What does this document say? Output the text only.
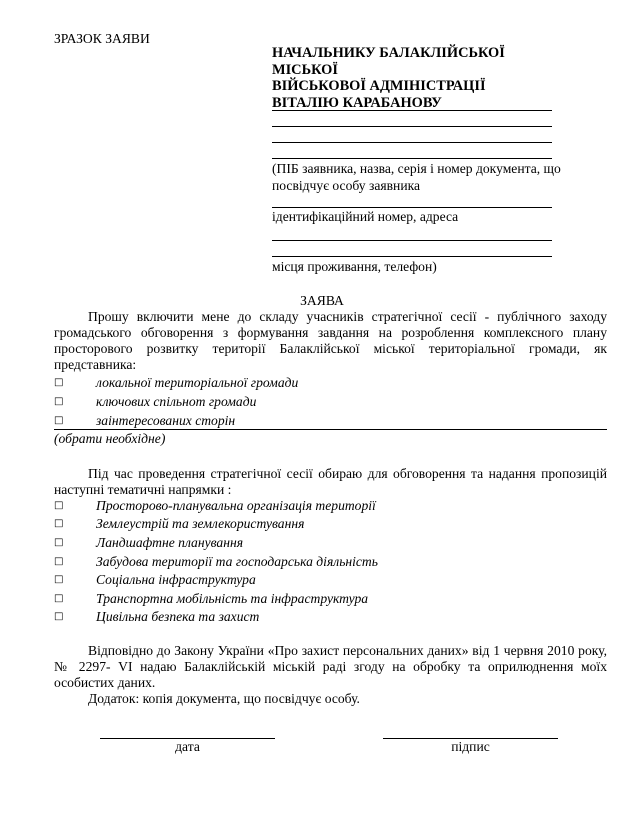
ЗРАЗОК ЗАЯВИ
НАЧАЛЬНИКУ БАЛАКЛІЙСЬКОЇ МІСЬКОЇ
ВІЙСЬКОВОЇ АДМІНІСТРАЦІЇ
ВІТАЛІЮ КАРАБАНОВУ
(ПІБ заявника, назва, серія і номер документа, що
посвідчує особу заявника
ідентифікаційний номер, адреса
місця проживання, телефон)
ЗАЯВА
Прошу включити мене до складу учасників стратегічної сесії - публічного заходу громадського обговорення з формування завдання на розроблення комплексного плану просторового розвитку території Балаклійської міської територіальної громади, як представника:
□	локальної територіальної громади
□	ключових спільнот громади
□	заінтересованих сторін
(обрати необхідне)
Під час проведення стратегічної сесії обираю для обговорення та надання пропозицій наступні тематичні напрямки :
□	Просторово-планувальна організація території
□	Землеустрій та землекористування
□	Ландшафтне планування
□	Забудова території та господарська діяльність
□	Соціальна інфраструктура
□	Транспортна мобільність та інфраструктура
□	Цивільна безпека та захист
Відповідно до Закону України «Про захист персональних даних» від 1 червня 2010 року, № 2297- VI надаю Балаклійській міській раді згоду на обробку та оприлюднення моїх особистих даних.
Додаток: копія документа, що посвідчує особу.
дата	підпис
